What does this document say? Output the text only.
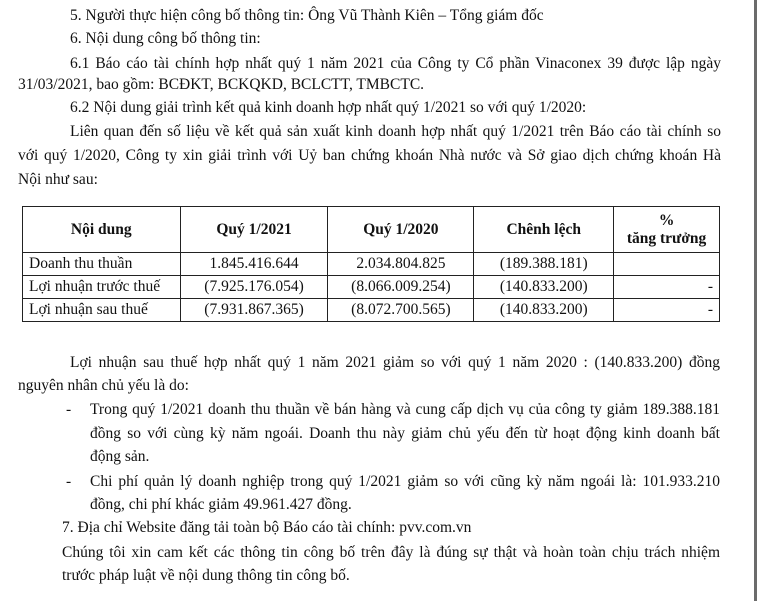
5. Người thực hiện công bố thông tin: Ông Vũ Thành Kiên – Tổng giám đốc
6. Nội dung công bố thông tin:
6.1 Báo cáo tài chính hợp nhất quý 1 năm 2021 của Công ty Cổ phần Vinaconex 39 được lập ngày
31/03/2021, bao gồm: BCĐKT, BCKQKD, BCLCTT, TMBCTC.
6.2 Nội dung giải trình kết quả kinh doanh hợp nhất quý 1/2021 so với quý 1/2020:
Liên quan đến số liệu về kết quả sản xuất kinh doanh hợp nhất quý 1/2021 trên Báo cáo tài chính so
với quý 1/2020, Công ty xin giải trình với Uỷ ban chứng khoán Nhà nước và Sở giao dịch chứng khoán Hà
Nội như sau:
Nội dung	Quý 1/2021	Quý 1/2020	Chênh lệch	%
tăng trưởng

Doanh thu thuần	1.845.416.644	2.034.804.825	(189.388.181)	
Lợi nhuận trước thuế	(7.925.176.054)	(8.066.009.254)	(140.833.200)	-
Lợi nhuận sau thuế	(7.931.867.365)	(8.072.700.565)	(140.833.200)	-
Lợi nhuận sau thuế hợp nhất quý 1 năm 2021 giảm so với quý 1 năm 2020 : (140.833.200) đồng
nguyên nhân chủ yếu là do:
- Trong quý 1/2021 doanh thu thuần về bán hàng và cung cấp dịch vụ của công ty giảm 189.388.181
đồng so với cùng kỳ năm ngoái. Doanh thu này giảm chủ yếu đến từ hoạt động kinh doanh bất
động sản.
- Chi phí quản lý doanh nghiệp trong quý 1/2021 giảm so với cũng kỳ năm ngoái là: 101.933.210
đồng, chi phí khác giảm 49.961.427 đồng.
7. Địa chỉ Website đăng tải toàn bộ Báo cáo tài chính: pvv.com.vn
Chúng tôi xin cam kết các thông tin công bố trên đây là đúng sự thật và hoàn toàn chịu trách nhiệm
trước pháp luật về nội dung thông tin công bố.
